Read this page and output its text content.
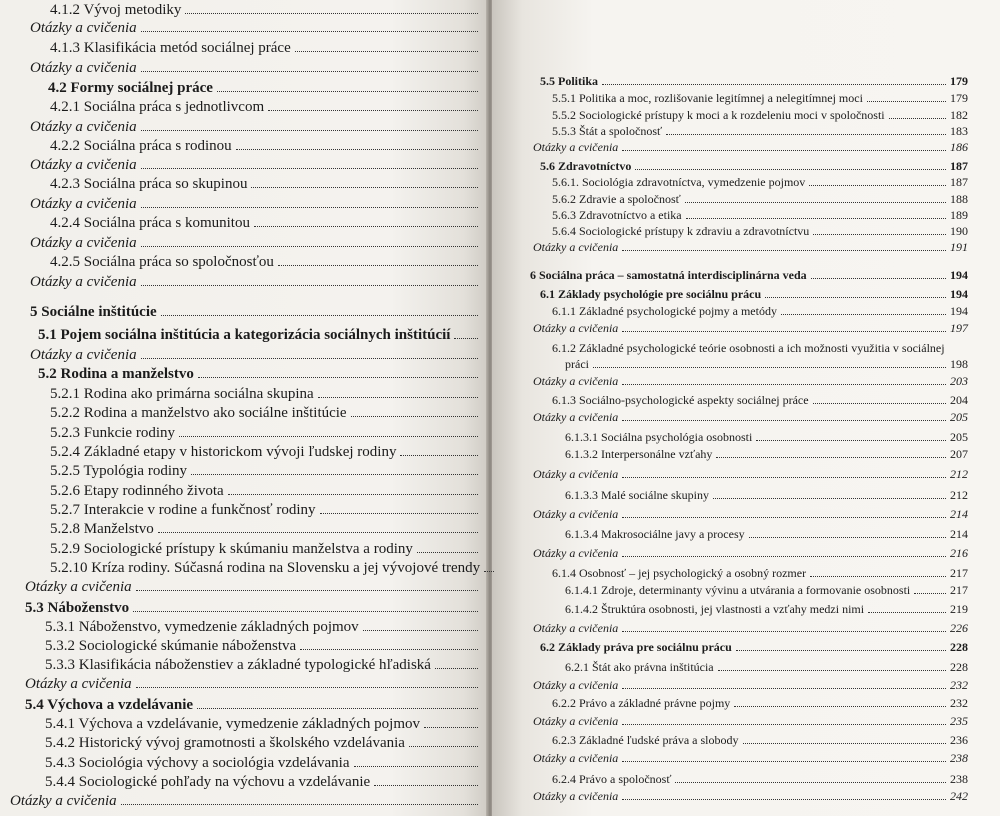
4.1.2 Vývoj metodiky
Otázky a cvičenia
4.1.3 Klasifikácia metód sociálnej práce
Otázky a cvičenia
4.2 Formy sociálnej práce
4.2.1 Sociálna práca s jednotlivcom
Otázky a cvičenia
4.2.2 Sociálna práca s rodinou
Otázky a cvičenia
4.2.3 Sociálna práca so skupinou
Otázky a cvičenia
4.2.4 Sociálna práca s komunitou
Otázky a cvičenia
4.2.5 Sociálna práca so spoločnosťou
Otázky a cvičenia
5 Sociálne inštitúcie
5.1 Pojem sociálna inštitúcia a kategorizácia sociálnych inštitúcií
Otázky a cvičenia
5.2 Rodina a manželstvo
5.2.1 Rodina ako primárna sociálna skupina
5.2.2 Rodina a manželstvo ako sociálne inštitúcie
5.2.3 Funkcie rodiny
5.2.4 Základné etapy v historickom vývoji ľudskej rodiny
5.2.5 Typológia rodiny
5.2.6 Etapy rodinného života
5.2.7 Interakcie v rodine a funkčnosť rodiny
5.2.8 Manželstvo
5.2.9 Sociologické prístupy k skúmaniu manželstva a rodiny
5.2.10 Kríza rodiny. Súčasná rodina na Slovensku a jej vývojové trendy
Otázky a cvičenia
5.3 Náboženstvo
5.3.1 Náboženstvo, vymedzenie základných pojmov
5.3.2 Sociologické skúmanie náboženstva
5.3.3 Klasifikácia náboženstiev a základné typologické hľadiská
Otázky a cvičenia
5.4 Výchova a vzdelávanie
5.4.1 Výchova a vzdelávanie, vymedzenie základných pojmov
5.4.2 Historický vývoj gramotnosti a školského vzdelávania
5.4.3 Sociológia výchovy a sociológia vzdelávania
5.4.4 Sociologické pohľady na výchovu a vzdelávanie
Otázky a cvičenia
5.5 Politika	179
5.5.1 Politika a moc, rozlišovanie legitímnej a nelegitímnej moci	179
5.5.2 Sociologické prístupy k moci a k rozdeleniu moci v spoločnosti	182
5.5.3 Štát a spoločnosť	183
Otázky a cvičenia	186
5.6 Zdravotníctvo	187
5.6.1. Sociológia zdravotníctva, vymedzenie pojmov	187
5.6.2 Zdravie a spoločnosť	188
5.6.3 Zdravotníctvo a etika	189
5.6.4 Sociologické prístupy k zdraviu a zdravotníctvu	190
Otázky a cvičenia	191
6 Sociálna práca – samostatná interdisciplinárna veda	194
6.1 Základy psychológie pre sociálnu prácu	194
6.1.1 Základné psychologické pojmy a metódy	194
Otázky a cvičenia	197
6.1.2 Základné psychologické teórie osobnosti a ich možnosti využitia v sociálnej
práci	198
Otázky a cvičenia	203
6.1.3 Sociálno-psychologické aspekty sociálnej práce	204
Otázky a cvičenia	205
6.1.3.1 Sociálna psychológia osobnosti	205
6.1.3.2 Interpersonálne vzťahy	207
Otázky a cvičenia	212
6.1.3.3 Malé sociálne skupiny	212
Otázky a cvičenia	214
6.1.3.4 Makrosociálne javy a procesy	214
Otázky a cvičenia	216
6.1.4 Osobnosť – jej psychologický a osobný rozmer	217
6.1.4.1 Zdroje, determinanty vývinu a utvárania a formovanie osobnosti	217
6.1.4.2 Štruktúra osobnosti, jej vlastnosti a vzťahy medzi nimi	219
Otázky a cvičenia	226
6.2 Základy práva pre sociálnu prácu	228
6.2.1 Štát ako právna inštitúcia	228
Otázky a cvičenia	232
6.2.2 Právo a základné právne pojmy	232
Otázky a cvičenia	235
6.2.3 Základné ľudské práva a slobody	236
Otázky a cvičenia	238
6.2.4 Právo a spoločnosť	238
Otázky a cvičenia	242
